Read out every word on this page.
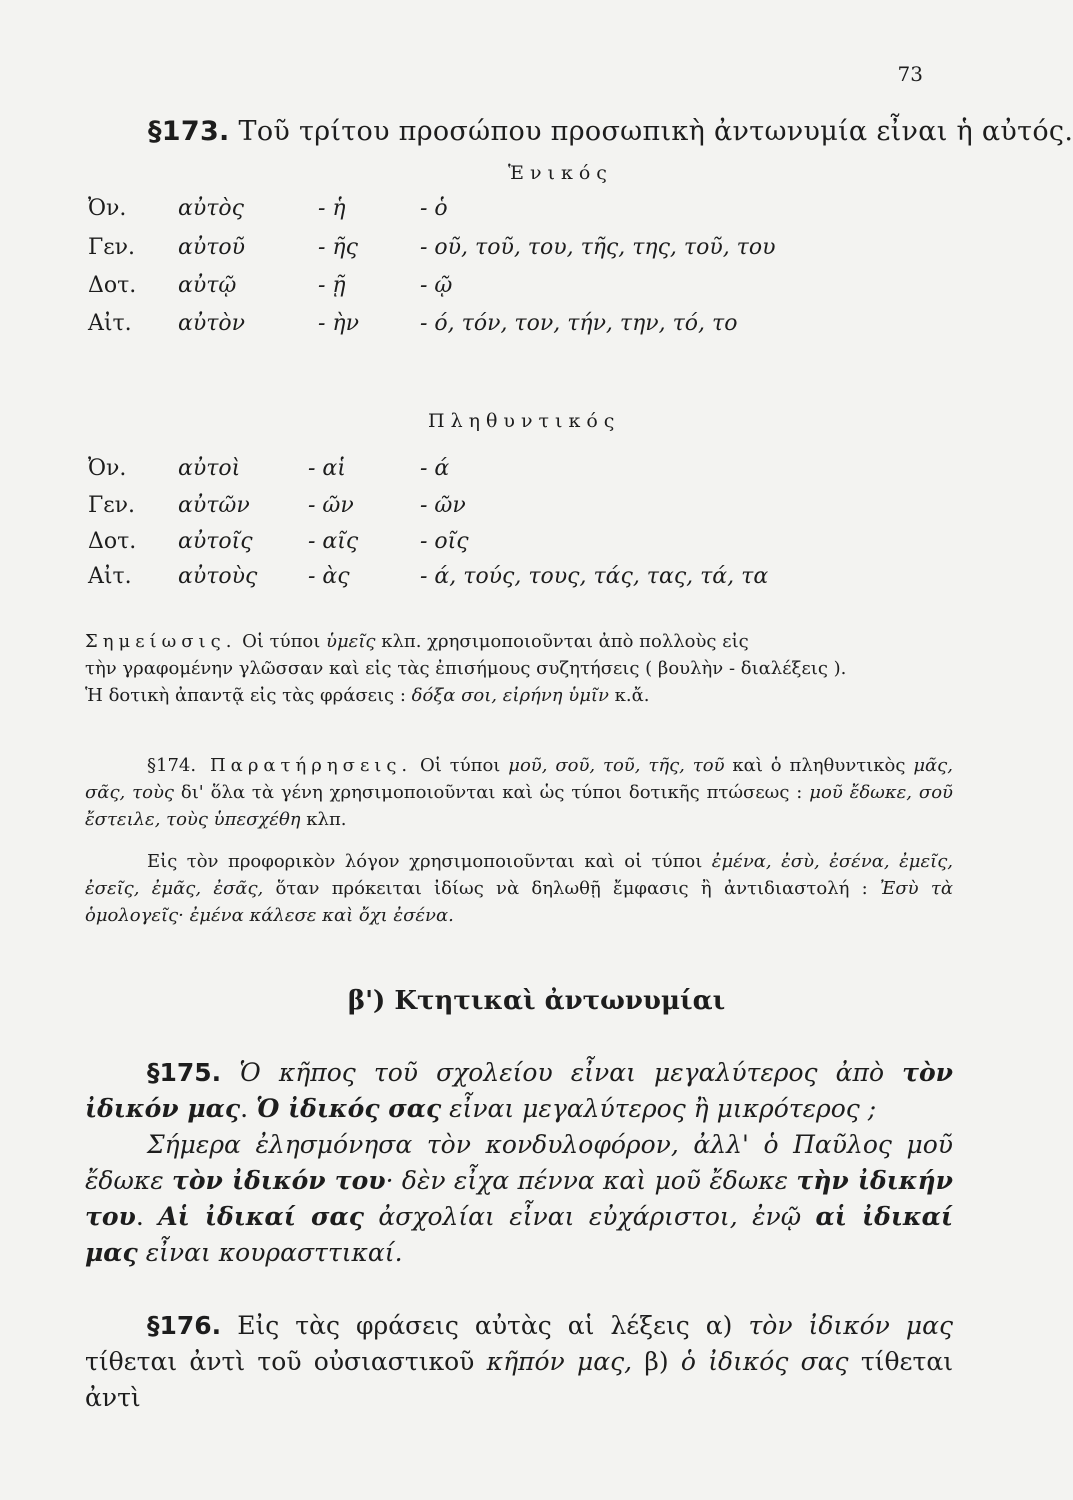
73
§173. Τοῦ τρίτου προσώπου προσωπικὴ ἀντωνυμία εἶναι ἡ αὐτός.
Ἑνικός
Ὀν. αὐτὸς	- ἡ	- ὁ
Γεν. αὐτοῦ	- ῆς	- οῦ, τοῦ, του, τῆς, της, τοῦ, του
Δοτ. αὐτῷ	- ῇ	- ῷ
Αἰτ. αὐτὸν	- ὴν	- ό, τόν, τον, τήν, την, τό, το
Πληθυντικός
Ὀν. αὐτοὶ	- αἱ	- ά
Γεν. αὐτῶν	- ῶν	- ῶν
Δοτ. αὐτοῖς	- αῖς	- οῖς
Αἰτ. αὐτοὺς - ὰς	- ά, τούς, τους, τάς, τας, τά, τα
Σημείωσις. Οἱ τύποι ὑμεῖς κλπ. χρησιμοποιοῦνται ἀπὸ πολλοὺς εἰς
τὴν γραφομένην γλῶσσαν καὶ εἰς τὰς ἐπισήμους συζητήσεις ( βουλὴν - διαλέξεις ).
Ἡ δοτικὴ ἀπαντᾷ εἰς τὰς φράσεις : δόξα σοι, εἰρήνη ὑμῖν κ.ἄ.
§174. Παρατήρησεις. Οἱ τύποι μοῦ, σοῦ, τοῦ, τῆς, τοῦ καὶ ὁ πληθυντικὸς μᾶς, σᾶς, τοὺς δι' ὅλα τὰ γένη χρησιμοποιοῦνται καὶ ὡς τύποι δοτικῆς πτώσεως : μοῦ ἔδωκε, σοῦ ἔστειλε, τοὺς ὑπεσχέθη κλπ.
Εἰς τὸν προφορικὸν λόγον χρησιμοποιοῦνται καὶ οἱ τύποι ἐμένα, ἐσὺ, ἐσένα, ἐμεῖς, ἐσεῖς, ἐμᾶς, ἐσᾶς, ὅταν πρόκειται ἰδίως νὰ δηλωθῇ ἔμφασις ἢ ἀντιδιαστολή : Ἐσὺ τὰ ὁμολογεῖς· ἐμένα κάλεσε καὶ ὄχι ἐσένα.
β') Κτητικαὶ ἀντωνυμίαι
§175. Ὁ κῆπος τοῦ σχολείου εἶναι μεγαλύτερος ἀπὸ τὸν ἰδικόν μας. Ὁ ἰδικός σας εἶναι μεγαλύτερος ἢ μικρότερος ;
Σήμερα ἐλησμόνησα τὸν κονδυλοφόρον, ἀλλ' ὁ Παῦλος μοῦ ἔδωκε τὸν ἰδικόν του· δὲν εἶχα πέννα καὶ μοῦ ἔδωκε τὴν ἰδικήν του. Αἱ ἰδικαί σας ἀσχολίαι εἶναι εὐχάριστοι, ἐνῷ αἱ ἰδικαί μας εἶναι κουρασττικαί.
§176. Εἰς τὰς φράσεις αὐτὰς αἱ λέξεις α) τὸν ἰδικόν μας τίθεται ἀντὶ τοῦ οὐσιαστικοῦ κῆπόν μας, β) ὁ ἰδικός σας τίθεται ἀντὶ
